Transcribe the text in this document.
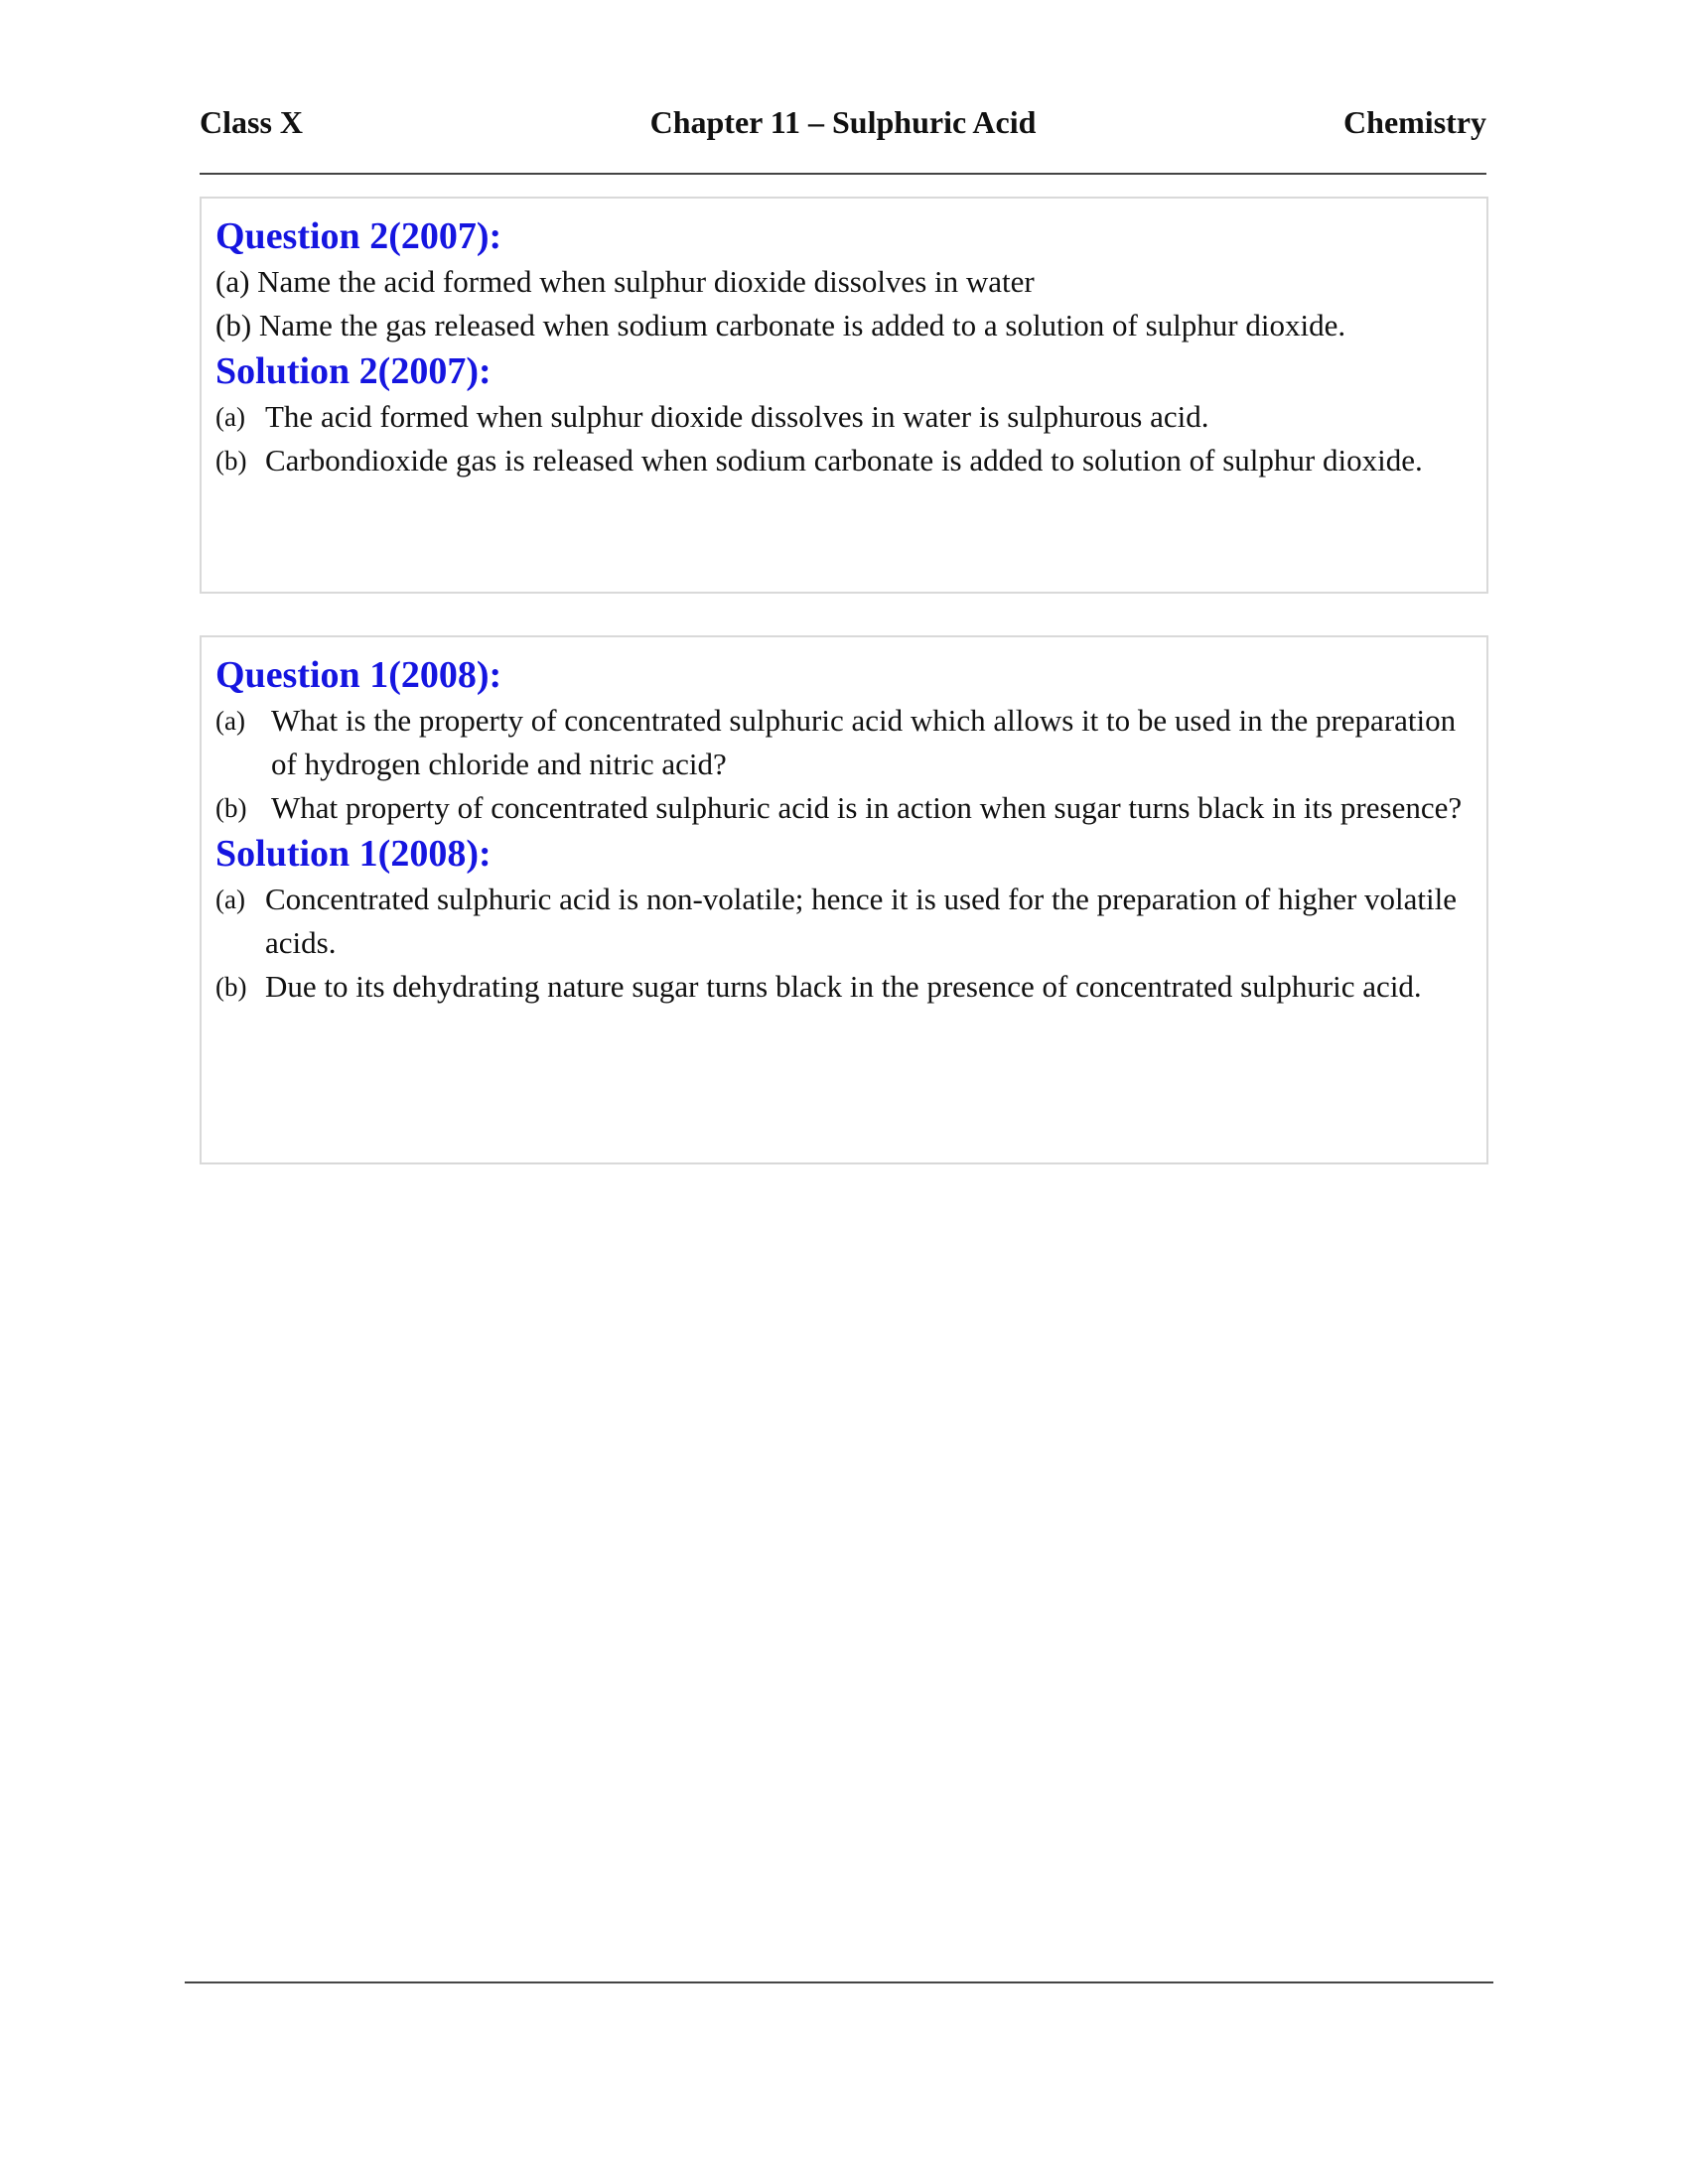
Chapter 11 – Sulphuric Acid
Class X	Chemistry
Question 2(2007):
(a) Name the acid formed when sulphur dioxide dissolves in water
(b) Name the gas released when sodium carbonate is added to a solution of sulphur dioxide.
Solution 2(2007):
(a) The acid formed when sulphur dioxide dissolves in water is sulphurous acid.
(b) Carbondioxide gas is released when sodium carbonate is added to solution of sulphur dioxide.
Question 1(2008):
(a) What is the property of concentrated sulphuric acid which allows it to be used in the preparation of hydrogen chloride and nitric acid?
(b) What property of concentrated sulphuric acid is in action when sugar turns black in its presence?
Solution 1(2008):
(a) Concentrated sulphuric acid is non-volatile; hence it is used for the preparation of higher volatile acids.
(b) Due to its dehydrating nature sugar turns black in the presence of concentrated sulphuric acid.
